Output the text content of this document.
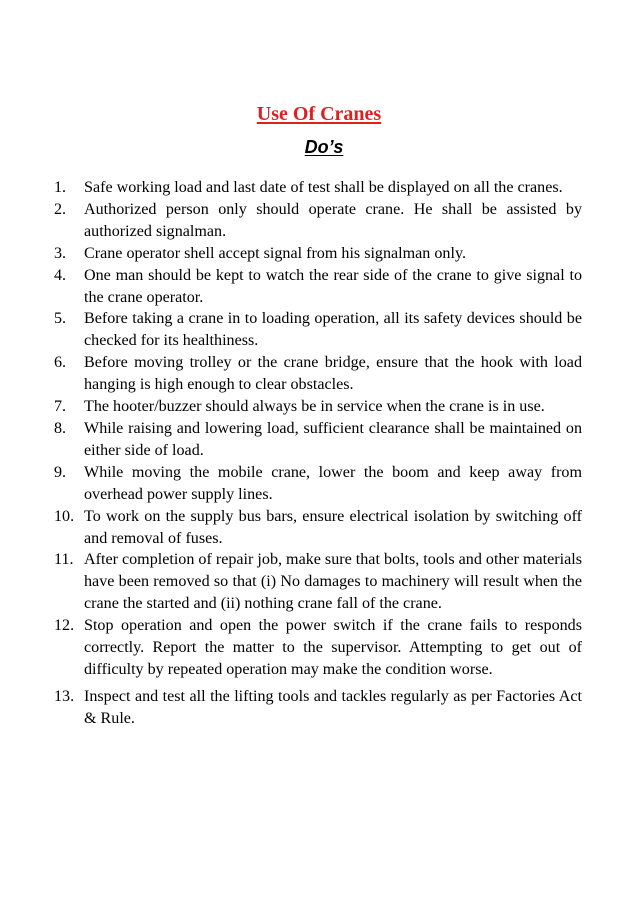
Use Of Cranes
Do’s
1. Safe working load and last date of test shall be displayed on all the cranes.
2. Authorized person only should operate crane. He shall be assisted by authorized signalman.
3. Crane operator shell accept signal from his signalman only.
4. One man should be kept to watch the rear side of the crane to give signal to the crane operator.
5. Before taking a crane in to loading operation, all its safety devices should be checked for its healthiness.
6. Before moving trolley or the crane bridge, ensure that the hook with load hanging is high enough to clear obstacles.
7. The hooter/buzzer should always be in service when the crane is in use.
8. While raising and lowering load, sufficient clearance shall be maintained on either side of load.
9. While moving the mobile crane, lower the boom and keep away from overhead power supply lines.
10. To work on the supply bus bars, ensure electrical isolation by switching off and removal of fuses.
11. After completion of repair job, make sure that bolts, tools and other materials have been removed so that (i) No damages to machinery will result when the crane the started and (ii) nothing crane fall of the crane.
12. Stop operation and open the power switch if the crane fails to responds correctly. Report the matter to the supervisor. Attempting to get out of difficulty by repeated operation may make the condition worse.
13. Inspect and test all the lifting tools and tackles regularly as per Factories Act & Rule.
